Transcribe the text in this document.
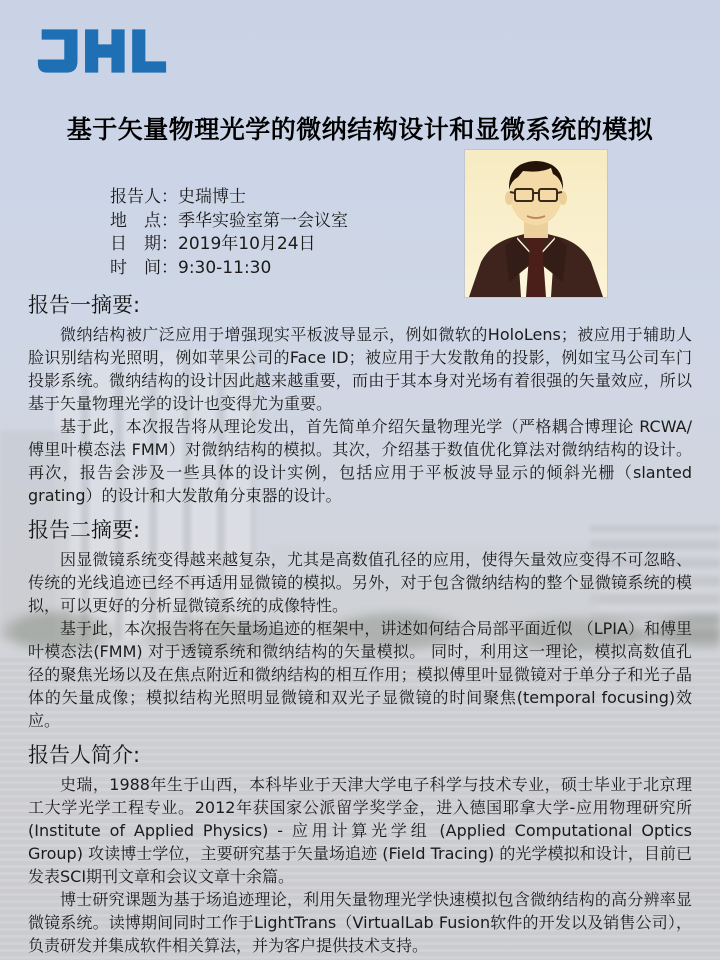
基于矢量物理光学的微纳结构设计和显微系统的模拟
报告人：史瑞博士
地　点：季华实验室第一会议室
日　期：2019年10月24日
时　间：9:30-11:30
报告一摘要:

微纳结构被广泛应用于增强现实平板波导显示，例如微软的HoloLens；被应用于辅助人脸识别结构光照明，例如苹果公司的Face ID；被应用于大发散角的投影，例如宝马公司车门投影系统。微纳结构的设计因此越来越重要，而由于其本身对光场有着很强的矢量效应，所以基于矢量物理光学的设计也变得尤为重要。

基于此，本次报告将从理论发出，首先简单介绍矢量物理光学（严格耦合博理论 RCWA/傅里叶模态法 FMM）对微纳结构的模拟。其次，介绍基于数值优化算法对微纳结构的设计。再次，报告会涉及一些具体的设计实例，包括应用于平板波导显示的倾斜光栅（slanted grating）的设计和大发散角分束器的设计。

报告二摘要:

因显微镜系统变得越来越复杂，尤其是高数值孔径的应用，使得矢量效应变得不可忽略、传统的光线追迹已经不再适用显微镜的模拟。另外，对于包含微纳结构的整个显微镜系统的模拟，可以更好的分析显微镜系统的成像特性。

基于此，本次报告将在矢量场追迹的框架中，讲述如何结合局部平面近似 （LPIA）和傅里叶模态法(FMM) 对于透镜系统和微纳结构的矢量模拟。 同时，利用这一理论，模拟高数值孔径的聚焦光场以及在焦点附近和微纳结构的相互作用；模拟傅里叶显微镜对于单分子和光子晶体的矢量成像；模拟结构光照明显微镜和双光子显微镜的时间聚焦(temporal focusing)效应。

报告人简介:

史瑞，1988年生于山西，本科毕业于天津大学电子科学与技术专业，硕士毕业于北京理工大学光学工程专业。2012年获国家公派留学奖学金，进入德国耶拿大学-应用物理研究所 (Institute of Applied Physics) - 应用计算光学组 (Applied Computational Optics Group) 攻读博士学位，主要研究基于矢量场追迹 (Field Tracing) 的光学模拟和设计，目前已发表SCI期刊文章和会议文章十余篇。

博士研究课题为基于场追迹理论，利用矢量物理光学快速模拟包含微纳结构的高分辨率显微镜系统。读博期间同时工作于LightTrans（VirtualLab Fusion软件的开发以及销售公司），负责研发并集成软件相关算法，并为客户提供技术支持。
